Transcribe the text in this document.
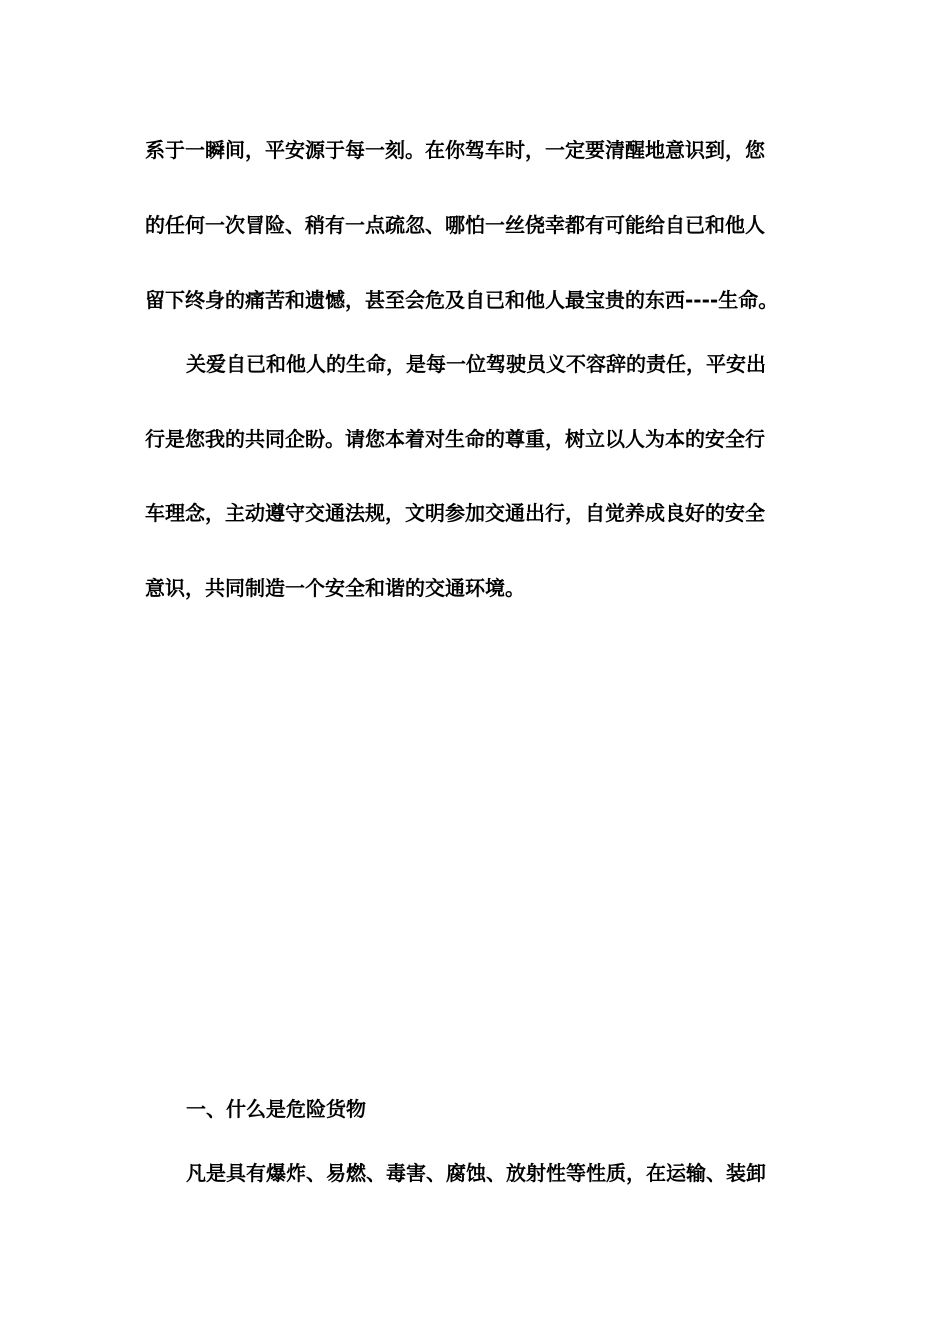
系于一瞬间，平安源于每一刻。在你驾车时，一定要清醒地意识到，您
的任何一次冒险、稍有一点疏忽、哪怕一丝侥幸都有可能给自已和他人
留下终身的痛苦和遗憾，甚至会危及自已和他人最宝贵的东西----生命。
关爱自已和他人的生命，是每一位驾驶员义不容辞的责任，平安出
行是您我的共同企盼。请您本着对生命的尊重，树立以人为本的安全行
车理念，主动遵守交通法规，文明参加交通出行，自觉养成良好的安全
意识，共同制造一个安全和谐的交通环境。
一、什么是危险货物
凡是具有爆炸、易燃、毒害、腐蚀、放射性等性质，在运输、装卸
